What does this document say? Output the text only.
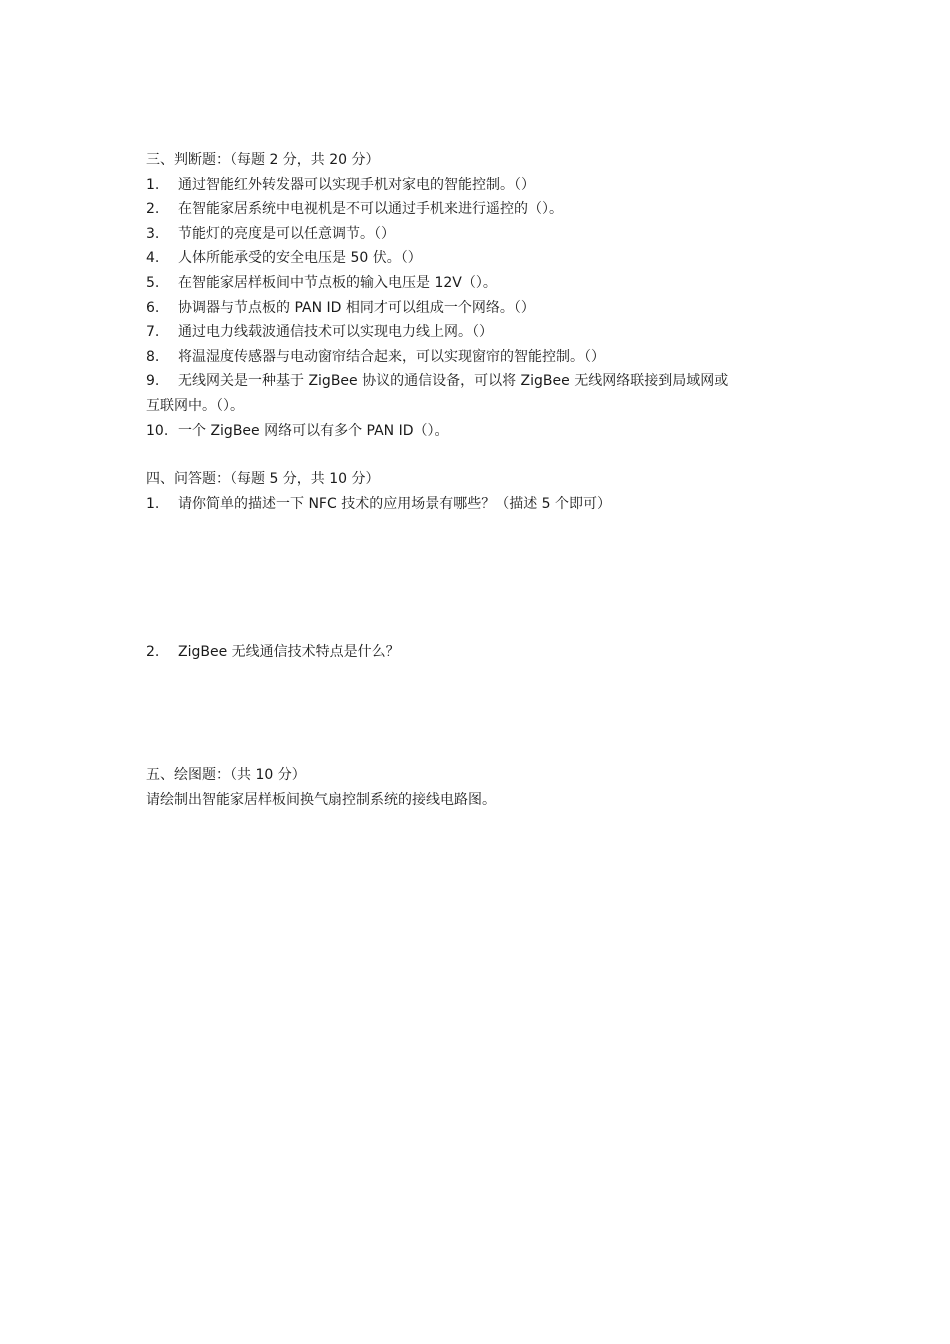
三、判断题：（每题 2 分，共 20 分）
1.	通过智能红外转发器可以实现手机对家电的智能控制。（）
2.	在智能家居系统中电视机是不可以通过手机来进行遥控的（）。
3.	节能灯的亮度是可以任意调节。（）
4.	人体所能承受的安全电压是 50 伏。（）
5.	在智能家居样板间中节点板的输入电压是 12V（）。
6.	协调器与节点板的 PAN ID 相同才可以组成一个网络。（）
7.	通过电力线载波通信技术可以实现电力线上网。（）
8.	将温湿度传感器与电动窗帘结合起来，可以实现窗帘的智能控制。（）
9.	无线网关是一种基于 ZigBee 协议的通信设备，可以将 ZigBee 无线网络联接到局域网或
互联网中。（）。
10. 一个 ZigBee 网络可以有多个 PAN ID（）。
四、问答题：（每题 5 分，共 10 分）
1.	请你简单的描述一下 NFC 技术的应用场景有哪些？（描述 5 个即可）
2.	ZigBee 无线通信技术特点是什么？
五、绘图题：（共 10 分）
请绘制出智能家居样板间换气扇控制系统的接线电路图。
